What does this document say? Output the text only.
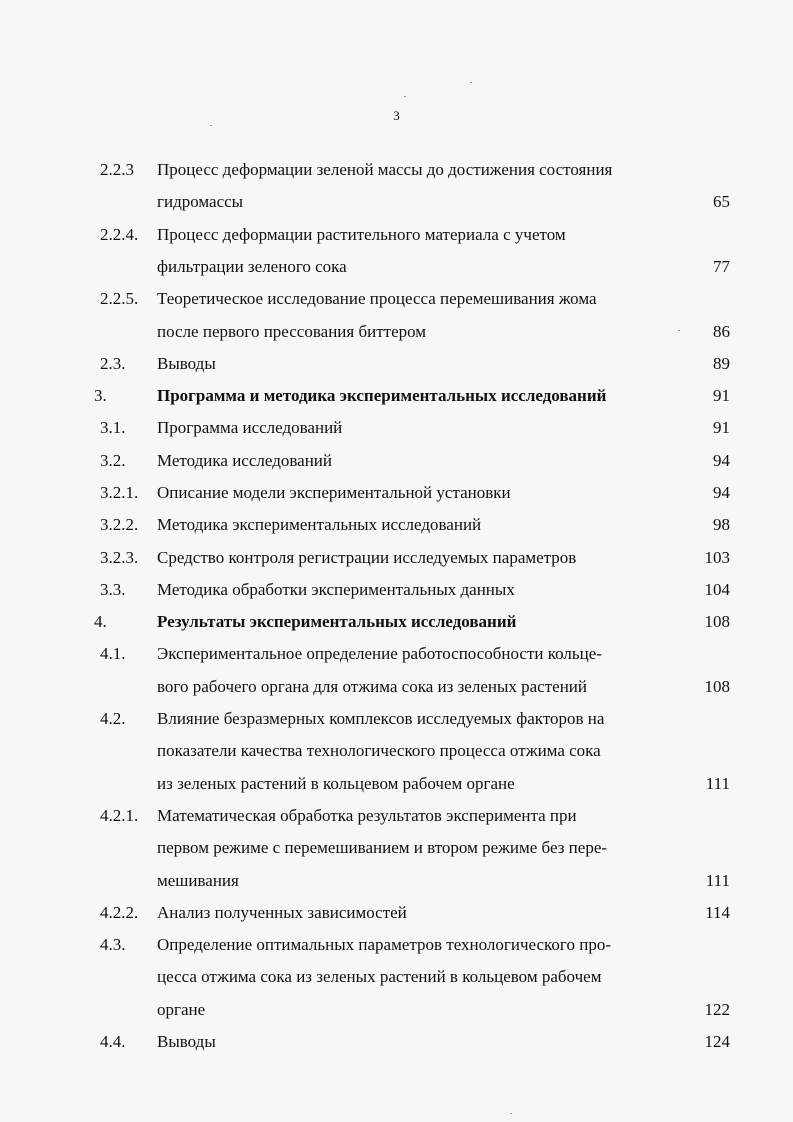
3
2.2.3 Процесс деформации зеленой массы до достижения состояния
гидромассы	65
2.2.4. Процесс деформации растительного материала с учетом
фильтрации зеленого сока	77
2.2.5. Теоретическое исследование процесса перемешивания жома
после первого прессования биттером	86
2.3. Выводы	89
3.	Программа и методика экспериментальных исследований	91
3.1. Программа исследований	91
3.2. Методика исследований	94
3.2.1. Описание модели экспериментальной установки	94
3.2.2. Методика экспериментальных исследований	98
3.2.3. Средство контроля регистрации исследуемых параметров	103
3.3. Методика обработки экспериментальных данных	104
4.	Результаты экспериментальных исследований	108
4.1. Экспериментальное определение работоспособности кольце-
вого рабочего органа для отжима сока из зеленых растений	108
4.2. Влияние безразмерных комплексов исследуемых факторов на
показатели качества технологического процесса отжима сока
из зеленых растений в кольцевом рабочем органе	111
4.2.1. Математическая обработка результатов эксперимента при
первом режиме с перемешиванием и втором режиме без пере-
мешивания	111
4.2.2. Анализ полученных зависимостей	114
4.3. Определение оптимальных параметров технологического про-
цесса отжима сока из зеленых растений в кольцевом рабочем
органе	122
4.4. Выводы	124
